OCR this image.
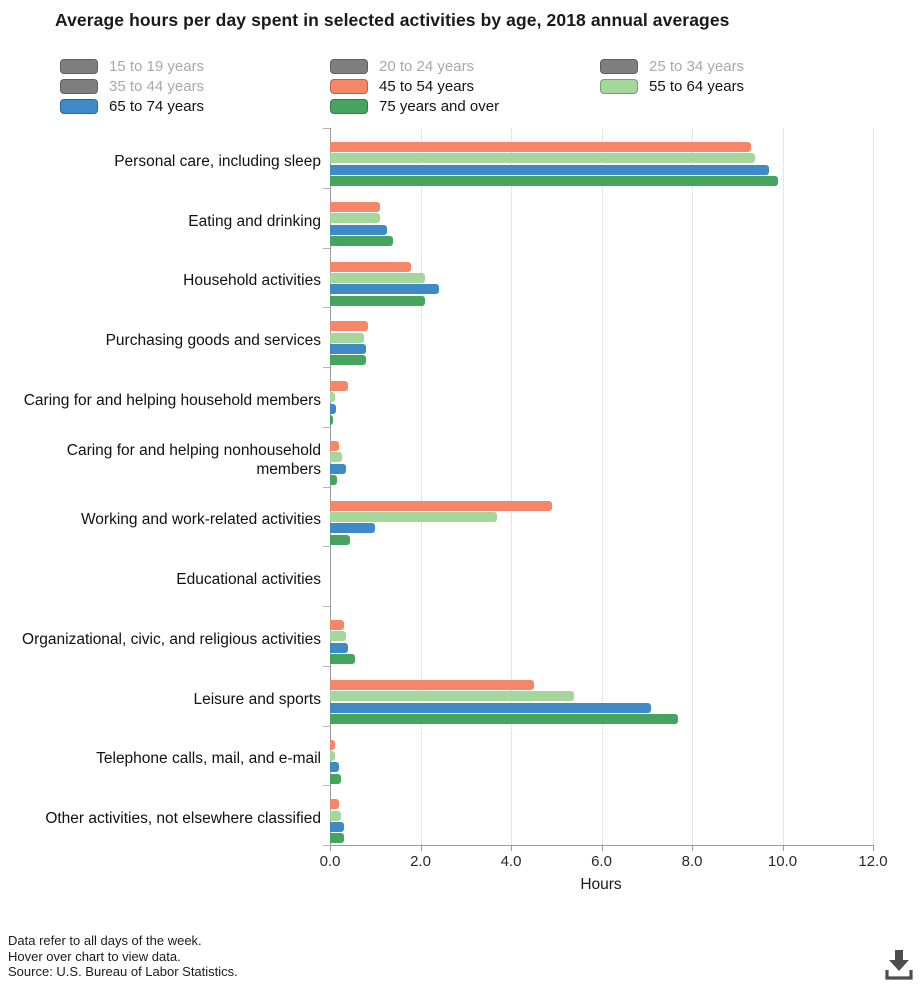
Average hours per day spent in selected activities by age, 2018 annual averages
15 to 19 years
35 to 44 years
65 to 74 years
20 to 24 years
45 to 54 years
75 years and over
25 to 34 years
55 to 64 years
Personal care, including sleep
Eating and drinking
Household activities
Purchasing goods and services
Caring for and helping household members
Caring for and helping nonhousehold members
Working and work-related activities
Educational activities
Organizational, civic, and religious activities
Leisure and sports
Telephone calls, mail, and e-mail
Other activities, not elsewhere classified
0.0	2.0	4.0	6.0	8.0	10.0	12.0
Hours
Data refer to all days of the week.
Hover over chart to view data.
Source: U.S. Bureau of Labor Statistics.
